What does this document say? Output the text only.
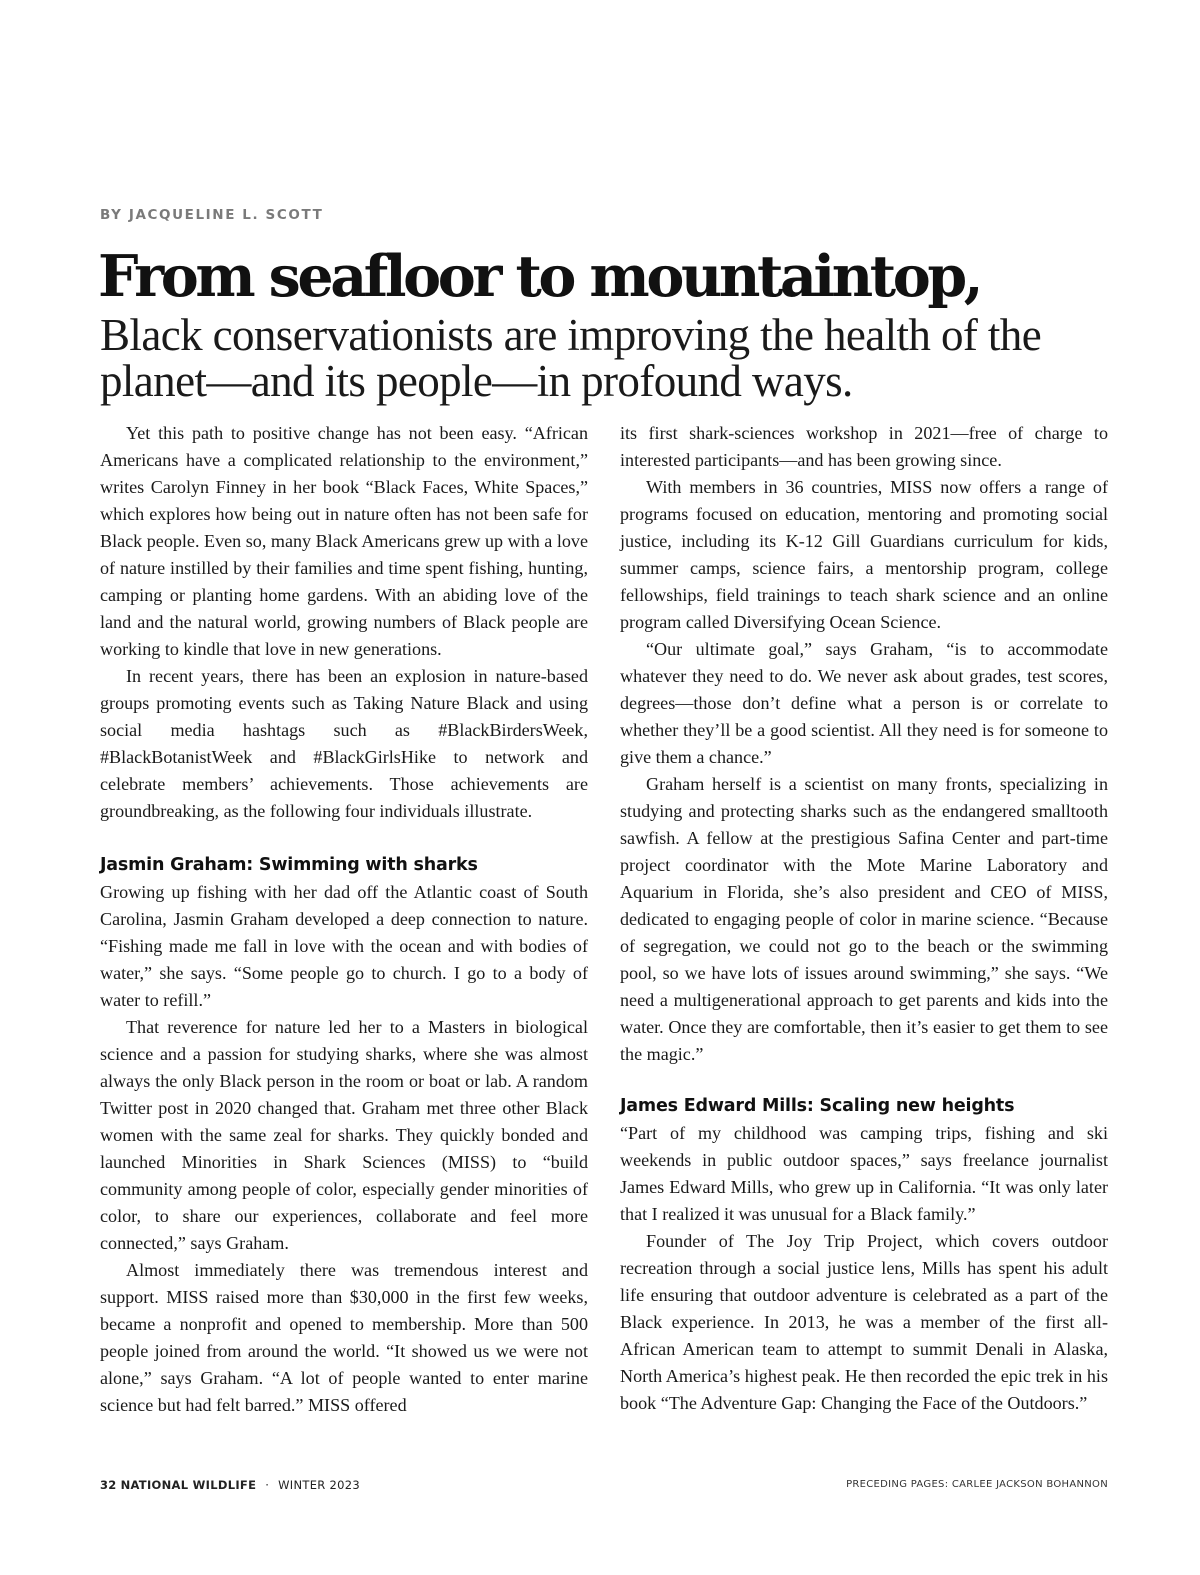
BY JACQUELINE L. SCOTT
From seafloor to mountaintop,
Black conservationists are improving the health of the planet—and its people—in profound ways.

Yet this path to positive change has not been easy. “African Americans have a complicated relationship to the environment,” writes Carolyn Finney in her book “Black Faces, White Spaces,” which explores how being out in nature often has not been safe for Black people. Even so, many Black Americans grew up with a love of nature instilled by their families and time spent fishing, hunting, camping or planting home gardens. With an abiding love of the land and the natural world, growing numbers of Black people are working to kindle that love in new generations.

In recent years, there has been an explosion in nature-based groups promoting events such as Taking Nature Black and using social media hashtags such as #BlackBirdersWeek, #BlackBotanistWeek and #BlackGirlsHike to network and celebrate members’ achievements. Those achievements are groundbreaking, as the following four individuals illustrate.

Jasmin Graham: Swimming with sharks

Growing up fishing with her dad off the Atlantic coast of South Carolina, Jasmin Graham developed a deep connection to nature. “Fishing made me fall in love with the ocean and with bodies of water,” she says. “Some people go to church. I go to a body of water to refill.”

That reverence for nature led her to a Masters in biological science and a passion for studying sharks, where she was almost always the only Black person in the room or boat or lab. A random Twitter post in 2020 changed that. Graham met three other Black women with the same zeal for sharks. They quickly bonded and launched Minorities in Shark Sciences (MISS) to “build community among people of color, especially gender minorities of color, to share our experiences, collaborate and feel more connected,” says Graham.

Almost immediately there was tremendous interest and support. MISS raised more than $30,000 in the first few weeks, became a nonprofit and opened to membership. More than 500 people joined from around the world. “It showed us we were not alone,” says Graham. “A lot of people wanted to enter marine science but had felt barred.” MISS offered

its first shark-sciences workshop in 2021—free of charge to interested participants—and has been growing since.

With members in 36 countries, MISS now offers a range of programs focused on education, mentoring and promoting social justice, including its K-12 Gill Guardians curriculum for kids, summer camps, science fairs, a mentorship program, college fellowships, field trainings to teach shark science and an online program called Diversifying Ocean Science.

“Our ultimate goal,” says Graham, “is to accommodate whatever they need to do. We never ask about grades, test scores, degrees—those don’t define what a person is or correlate to whether they’ll be a good scientist. All they need is for someone to give them a chance.”

Graham herself is a scientist on many fronts, specializing in studying and protecting sharks such as the endangered smalltooth sawfish. A fellow at the prestigious Safina Center and part-time project coordinator with the Mote Marine Laboratory and Aquarium in Florida, she’s also president and CEO of MISS, dedicated to engaging people of color in marine science. “Because of segregation, we could not go to the beach or the swimming pool, so we have lots of issues around swimming,” she says. “We need a multigenerational approach to get parents and kids into the water. Once they are comfortable, then it’s easier to get them to see the magic.”

James Edward Mills: Scaling new heights

“Part of my childhood was camping trips, fishing and ski weekends in public outdoor spaces,” says freelance journalist James Edward Mills, who grew up in California. “It was only later that I realized it was unusual for a Black family.”

Founder of The Joy Trip Project, which covers outdoor recreation through a social justice lens, Mills has spent his adult life ensuring that outdoor adventure is celebrated as a part of the Black experience. In 2013, he was a member of the first all-African American team to attempt to summit Denali in Alaska, North America’s highest peak. He then recorded the epic trek in his book “The Adventure Gap: Changing the Face of the Outdoors.”

32 NATIONAL WILDLIFE · WINTER 2023	PRECEDING PAGES: CARLEE JACKSON BOHANNON
